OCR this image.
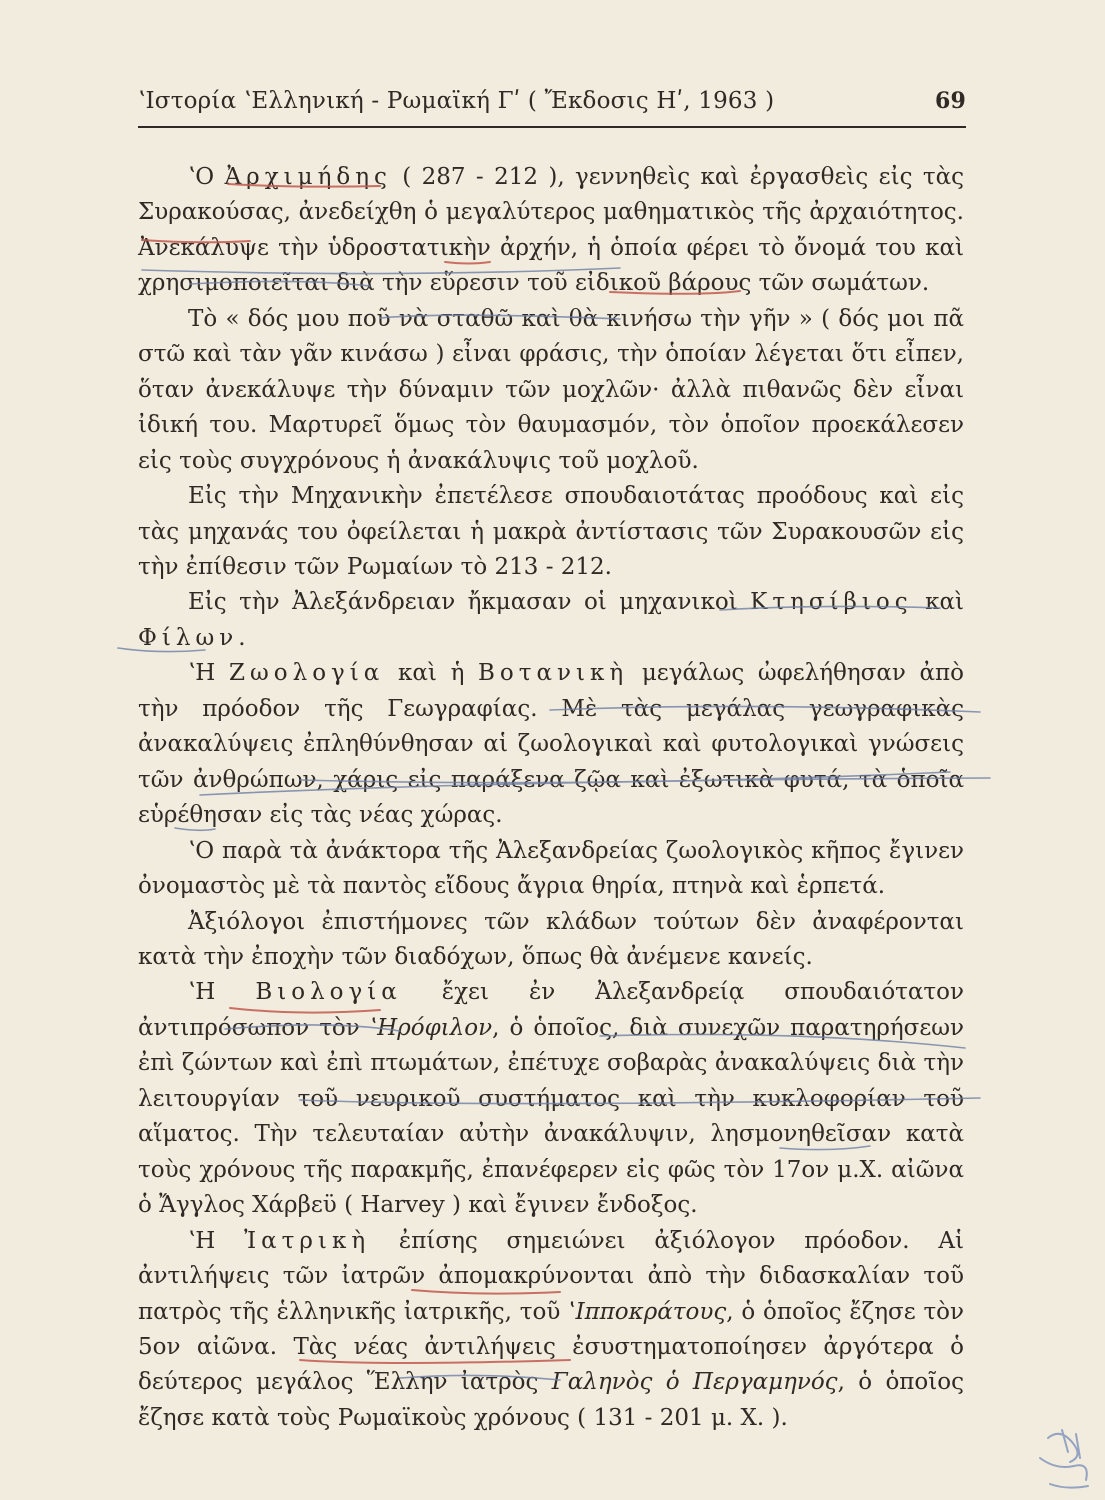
ʽΙστορία ʽΕλληνική - Ρωμαϊκή Γʹ ( Ἔκδοσις Ηʹ, 1963 )	69

ʽΟ Ἀρχιμήδης ( 287 - 212 ), γεννηθεὶς καὶ ἐργασθεὶς εἰς τὰς Συρακούσας, ἀνεδείχθη ὁ μεγαλύτερος μαθηματικὸς τῆς ἀρχαιότητος. Ἀνεκάλυψε τὴν ὑδροστατικὴν ἀρχήν, ἡ ὁποία φέρει τὸ ὄνομά του καὶ χρησιμοποιεῖται διὰ τὴν εὕρεσιν τοῦ εἰδικοῦ βάρους τῶν σωμάτων.

Τὸ « δός μου ποῦ νὰ σταθῶ καὶ θὰ κινήσω τὴν γῆν » ( δός μοι πᾶ στῶ καὶ τὰν γᾶν κινάσω ) εἶναι φράσις, τὴν ὁποίαν λέγεται ὅτι εἶπεν, ὅταν ἀνεκάλυψε τὴν δύναμιν τῶν μοχλῶν· ἀλλὰ πιθανῶς δὲν εἶναι ἰδική του. Μαρτυρεῖ ὅμως τὸν θαυμασμόν, τὸν ὁποῖον προεκάλεσεν εἰς τοὺς συγχρόνους ἡ ἀνακάλυψις τοῦ μοχλοῦ.

Εἰς τὴν Μηχανικὴν ἐπετέλεσε σπουδαιοτάτας προόδους καὶ εἰς τὰς μηχανάς του ὀφείλεται ἡ μακρὰ ἀντίστασις τῶν Συρακουσῶν εἰς τὴν ἐπίθεσιν τῶν Ρωμαίων τὸ 213 - 212.

Εἰς τὴν Ἀλεξάνδρειαν ἤκμασαν οἱ μηχανικοὶ Κτησίβιος καὶ Φίλων.

ʽΗ Ζωολογία καὶ ἡ Βοτανικὴ μεγάλως ὠφελήθησαν ἀπὸ τὴν πρόοδον τῆς Γεωγραφίας. Μὲ τὰς μεγάλας γεωγραφικὰς ἀνακαλύψεις ἐπληθύνθησαν αἱ ζωολογικαὶ καὶ φυτολογικαὶ γνώσεις τῶν ἀνθρώπων, χάρις εἰς παράξενα ζῷα καὶ ἐξωτικὰ φυτά, τὰ ὁποῖα εὑρέθησαν εἰς τὰς νέας χώρας.

ʽΟ παρὰ τὰ ἀνάκτορα τῆς Ἀλεξανδρείας ζωολογικὸς κῆπος ἔγινεν ὀνομαστὸς μὲ τὰ παντὸς εἴδους ἄγρια θηρία, πτηνὰ καὶ ἑρπετά.

Ἀξιόλογοι ἐπιστήμονες τῶν κλάδων τούτων δὲν ἀναφέρονται κατὰ τὴν ἐποχὴν τῶν διαδόχων, ὅπως θὰ ἀνέμενε κανείς.

ʽΗ Βιολογία ἔχει ἐν Ἀλεξανδρείᾳ σπουδαιότατον ἀντιπρόσωπον τὸν ʽΗρόφιλον, ὁ ὁποῖος, διὰ συνεχῶν παρατηρήσεων ἐπὶ ζώντων καὶ ἐπὶ πτωμάτων, ἐπέτυχε σοβαρὰς ἀνακαλύψεις διὰ τὴν λειτουργίαν τοῦ νευρικοῦ συστήματος καὶ τὴν κυκλοφορίαν τοῦ αἵματος. Τὴν τελευταίαν αὐτὴν ἀνακάλυψιν, λησμονηθεῖσαν κατὰ τοὺς χρόνους τῆς παρακμῆς, ἐπανέφερεν εἰς φῶς τὸν 17ον μ.Χ. αἰῶνα ὁ Ἄγγλος Χάρβεϋ ( Harvey ) καὶ ἔγινεν ἔνδοξος.

ʽΗ Ἰατρικὴ ἐπίσης σημειώνει ἀξιόλογον πρόοδον. Αἱ ἀντιλήψεις τῶν ἰατρῶν ἀπομακρύνονται ἀπὸ τὴν διδασκαλίαν τοῦ πατρὸς τῆς ἑλληνικῆς ἰατρικῆς, τοῦ ʽΙπποκράτους, ὁ ὁποῖος ἔζησε τὸν 5ον αἰῶνα. Τὰς νέας ἀντιλήψεις ἐσυστηματοποίησεν ἀργότερα ὁ δεύτερος μεγάλος Ἕλλην ἰατρὸς Γαληνὸς ὁ Περγαμηνός, ὁ ὁποῖος ἔζησε κατὰ τοὺς Ρωμαϊκοὺς χρόνους ( 131 - 201 μ. Χ. ).
